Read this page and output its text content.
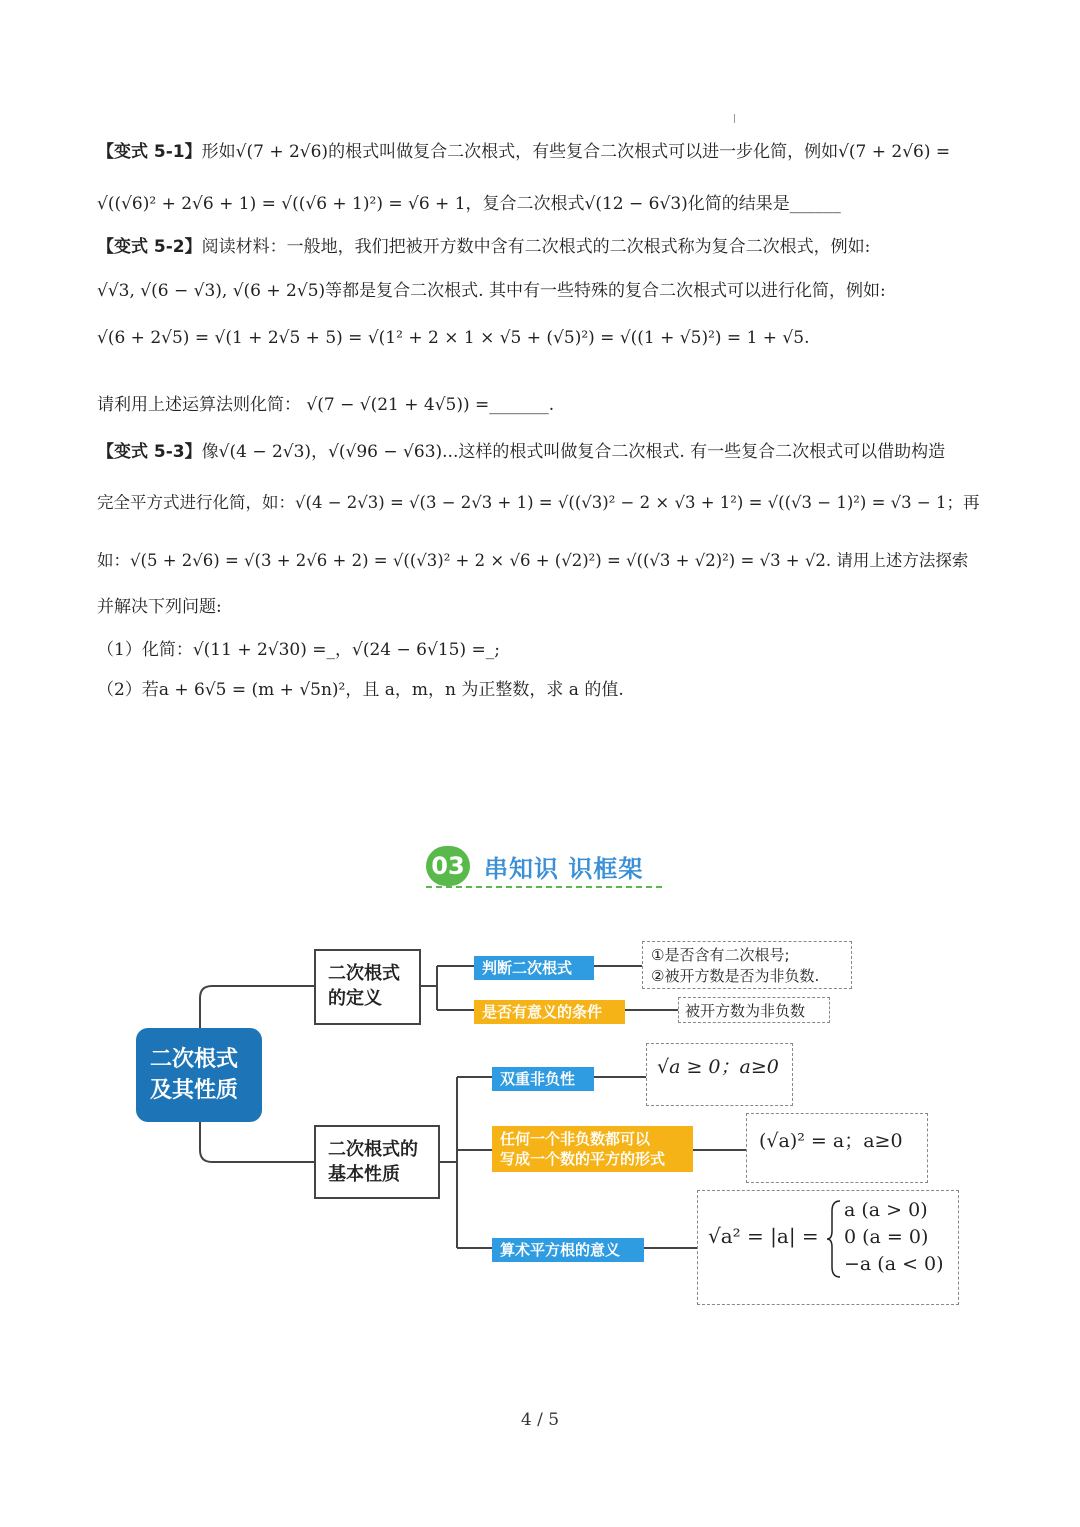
【变式 5-1】形如√(7 + 2√6)的根式叫做复合二次根式，有些复合二次根式可以进一步化简，例如√(7 + 2√6) =
√((√6)² + 2√6 + 1) = √((√6 + 1)²) = √6 + 1，复合二次根式√(12 − 6√3)化简的结果是______
【变式 5-2】阅读材料：一般地，我们把被开方数中含有二次根式的二次根式称为复合二次根式，例如:
√√3, √(6 − √3), √(6 + 2√5)等都是复合二次根式. 其中有一些特殊的复合二次根式可以进行化简，例如:
√(6 + 2√5) = √(1 + 2√5 + 5) = √(1² + 2 × 1 × √5 + (√5)²) = √((1 + √5)²) = 1 + √5.
请利用上述运算法则化简： √(7 − √(21 + 4√5)) =_______.
【变式 5-3】像√(4 − 2√3)，√(√96 − √63)...这样的根式叫做复合二次根式. 有一些复合二次根式可以借助构造
完全平方式进行化简，如：√(4 − 2√3) = √(3 − 2√3 + 1) = √((√3)² − 2 × √3 + 1²) = √((√3 − 1)²) = √3 − 1；再
如：√(5 + 2√6) = √(3 + 2√6 + 2) = √((√3)² + 2 × √6 + (√2)²) = √((√3 + √2)²) = √3 + √2. 请用上述方法探索
并解决下列问题:
（1）化简：√(11 + 2√30) =_，√(24 − 6√15) =_;
（2）若a + 6√5 = (m + √5n)²，且 a，m，n 为正整数，求 a 的值.
03 串知识 识框架
二次根式
及其性质
二次根式
的定义
二次根式的
基本性质
判断二次根式
是否有意义的条件
双重非负性
任何一个非负数都可以
写成一个数的平方的形式
算术平方根的意义
①是否含有二次根号;
②被开方数是否为非负数.
被开方数为非负数
√a ≥ 0；a≥0
(√a)² = a；a≥0
√a² = |a| =
a (a > 0)
0 (a = 0)
−a (a < 0)
4 / 5
